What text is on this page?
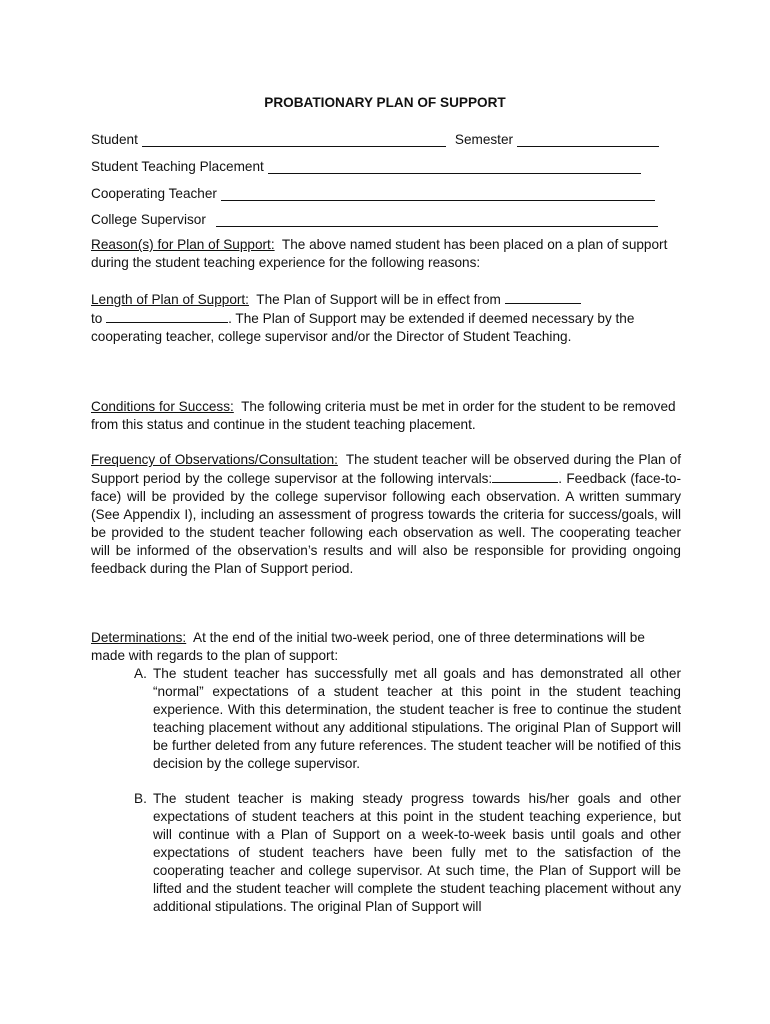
PROBATIONARY PLAN OF SUPPORT
Student	Semester
Student Teaching Placement
Cooperating Teacher
College Supervisor

Reason(s) for Plan of Support: The above named student has been placed on a plan of support during the student teaching experience for the following reasons:

Length of Plan of Support: The Plan of Support will be in effect from
to	. The Plan of Support may be extended if deemed necessary by the cooperating teacher, college supervisor and/or the Director of Student Teaching.

Conditions for Success: The following criteria must be met in order for the student to be removed from this status and continue in the student teaching placement.

Frequency of Observations/Consultation: The student teacher will be observed during the Plan of Support period by the college supervisor at the following intervals:	. Feedback (face-to-face) will be provided by the college supervisor following each observation. A written summary (See Appendix I), including an assessment of progress towards the criteria for success/goals, will be provided to the student teacher following each observation as well. The cooperating teacher will be informed of the observation’s results and will also be responsible for providing ongoing feedback during the Plan of Support period.

Determinations: At the end of the initial two-week period, one of three determinations will be made with regards to the plan of support:

A. The student teacher has successfully met all goals and has demonstrated all other “normal” expectations of a student teacher at this point in the student teaching experience. With this determination, the student teacher is free to continue the student teaching placement without any additional stipulations. The original Plan of Support will be further deleted from any future references. The student teacher will be notified of this decision by the college supervisor.
B. The student teacher is making steady progress towards his/her goals and other expectations of student teachers at this point in the student teaching experience, but will continue with a Plan of Support on a week-to-week basis until goals and other expectations of student teachers have been fully met to the satisfaction of the cooperating teacher and college supervisor. At such time, the Plan of Support will be lifted and the student teacher will complete the student teaching placement without any additional stipulations. The original Plan of Support will
